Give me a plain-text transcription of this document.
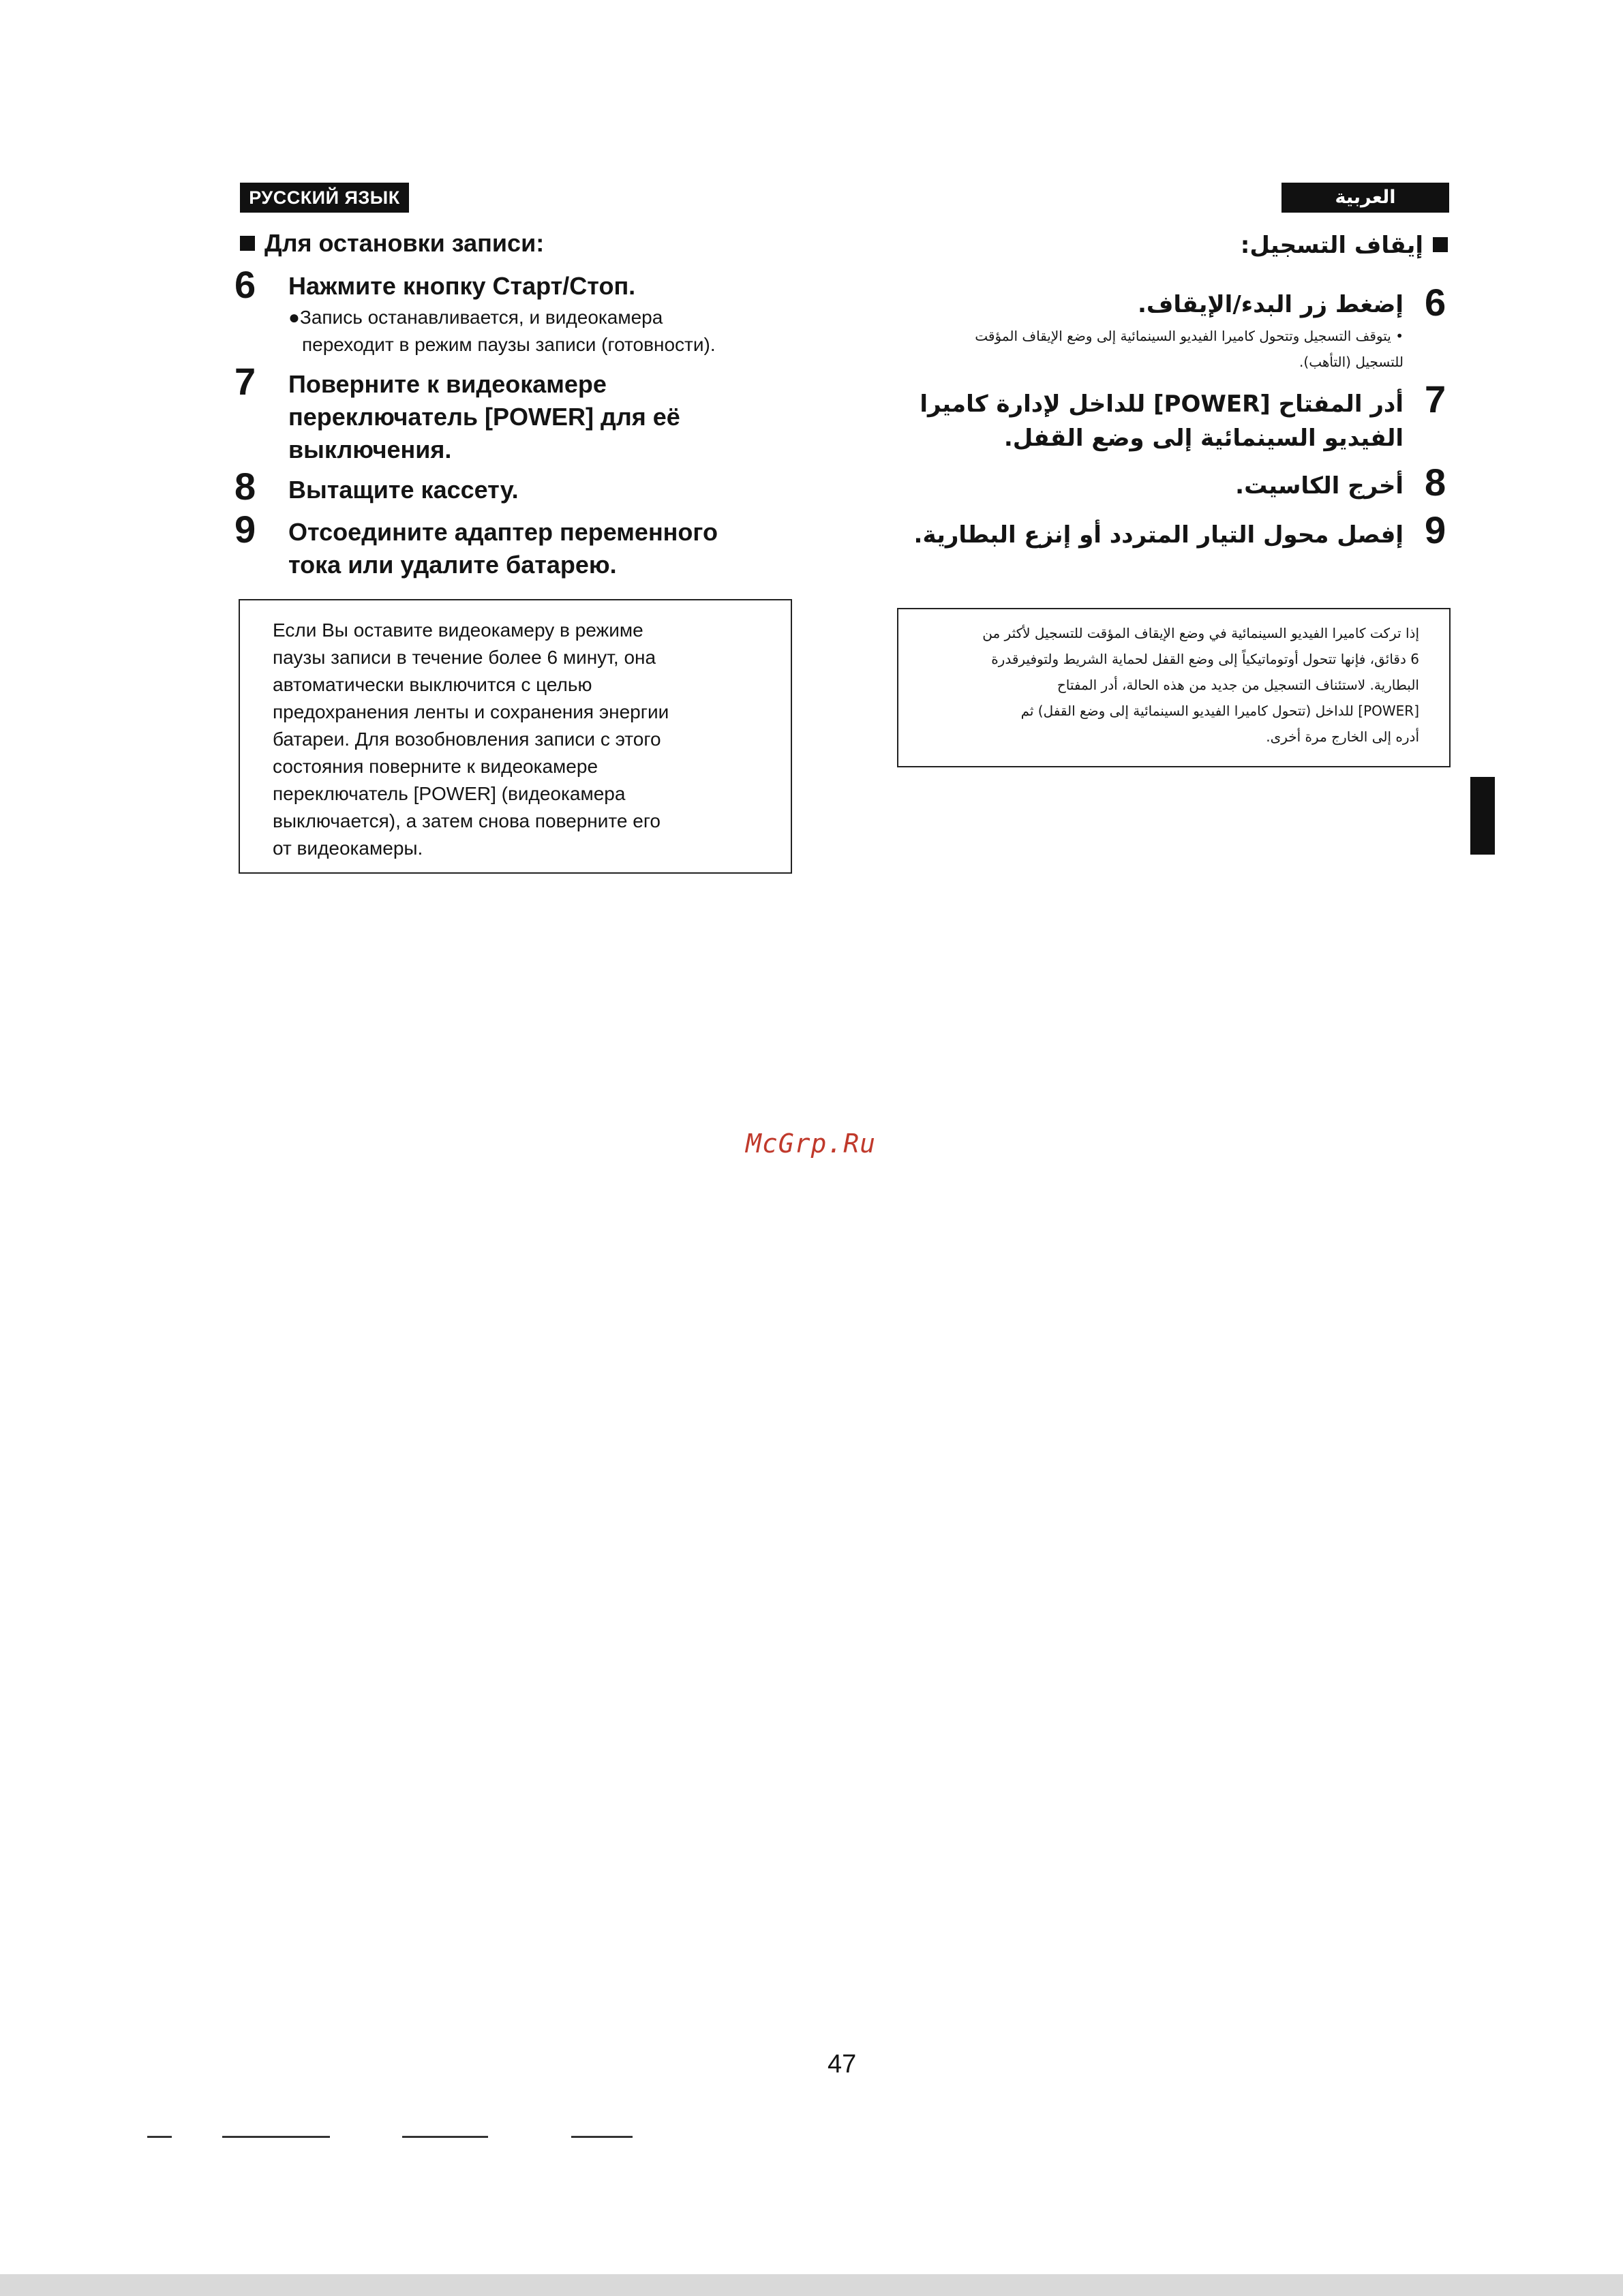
РУССКИЙ ЯЗЫК
Для остановки записи:
6 Нажмите кнопку Старт/Стоп.
●Запись останавливается, и видеокамера
переходит в режим паузы записи (готовности).
7 Поверните к видеокамере
переключатель [POWER] для её
выключения.
8 Вытащите кассету.
9 Отсоедините адаптер переменного
тока или удалите батарею.
Если Вы оставите видеокамеру в режиме
паузы записи в течение более 6 минут, она
автоматически выключится с целью
предохранения ленты и сохранения энергии
батареи. Для возобновления записи с этого
состояния поверните к видеокамере
переключатель [POWER] (видеокамера
выключается), а затем снова поверните его
от видеокамеры.
العربية
إيقاف التسجيل:
6
إضغط زر البدء/الإيقاف.
• يتوقف التسجيل وتتحول كاميرا الفيديو السينمائية إلى وضع الإيقاف المؤقت
للتسجيل (التأهب).
7
أدر المفتاح [POWER] للداخل لإدارة كاميرا
الفيديو السينمائية إلى وضع القفل.
8
أخرج الكاسيت.
9
إفصل محول التيار المتردد أو إنزع البطارية.
إذا تركت كاميرا الفيديو السينمائية في وضع الإيقاف المؤقت للتسجيل لأكثر من
6 دقائق، فإنها تتحول أوتوماتيكياً إلى وضع القفل لحماية الشريط ولتوفيرقدرة
البطارية. لاستئناف التسجيل من جديد من هذه الحالة، أدر المفتاح
[POWER] للداخل (تتحول كاميرا الفيديو السينمائية إلى وضع القفل) ثم
أدره إلى الخارج مرة أخرى.
McGrp.Ru
47
